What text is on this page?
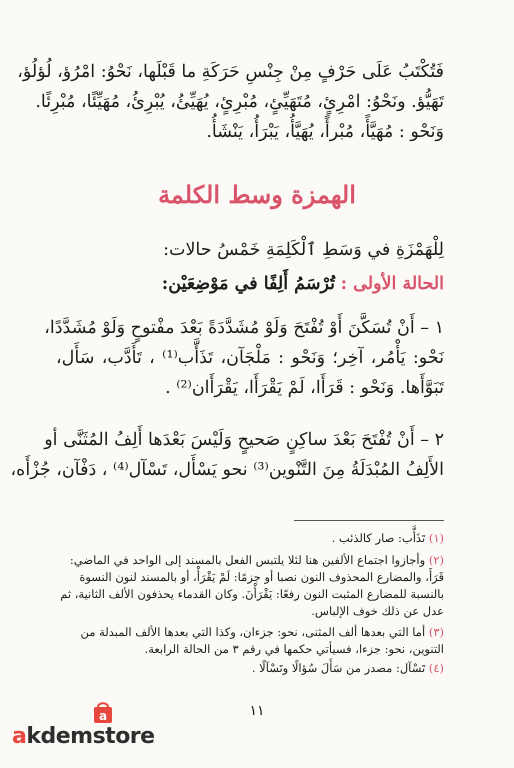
فَتُكْتَبُ عَلَى حَرْفٍ مِنْ جِنْسِ حَرَكَةِ ما قَبْلَها، نَحْوُ: امْرُؤ، لُؤلُؤ،
تَهَيُّؤ. ونَحْوُ: امْرِئٍ، مُتَهَيِّئٍ، مُبْرِئٍ، يُهَيِّئُ، يُبْرِئُ، مُهَيِّئًا، مُبْرِئًا.
وَنَحْو : مُهَيَّأً، مُبْرأً، يُهَيَّأُ، يَبْرَأُ، يَنْشَأُ.
الهمزة وسط الكلمة
لِلْهَمْزَةِ في وَسَطِ ٱلْكَلِمَةِ خَمْسُ حالات:
الحالة الأولى : تُرْسَمُ أَلِفًا في مَوْضِعَيْن:
١ – أَنْ تُسَكَّنَ أَوْ تُفْتَحَ وَلَوْ مُشَدَّدَةً بَعْدَ مفْتوحٍ وَلَوْ مُشَدَّدًا،
نَحْو: يَأْمُر، آخِر؛ وَنَحْو : مَلْجَآن، تَذَأَّب⁽¹⁾ ، تَأَدَّب، سَأَل،
تَبَوَّأَها. وَنَحْو : قَرَأَا، لَمْ يَقْرَأَا، يَقْرَأَان⁽²⁾ .
٢ – أَنْ تُفْتَحَ بَعْدَ ساكِنٍ صَحيحٍ وَلَيْسَ بَعْدَها أَلِفُ المُثَنَّى أو
الأَلِفُ المُبْدَلَةُ مِنَ التَّنْوين⁽³⁾ نحو يَسْأَل، تَسْآل⁽⁴⁾ ، دَفْآن، جُزْأَه،
(١) تَذَأَّب: صار كالذئب .
(٢) وأجازوا اجتماع الألفين هنا لئلا يلتبس الفعل بالمسند إلى الواحد في الماضي:
قَرَأَ، والمضارع المحذوف النون نصبا أو جزمًا: لَمْ يَقْرَأْ، أو بالمسند لنون النسوة
بالنسبة للمضارع المثبت النون رفعًا: يَقْرَأْنَ. وكان القدماء يحذفون الألف الثانية، ثم
عدل عن ذلك خوف الإلباس.
(٣) أما التي بعدها ألف المثنى، نحو: جزءان، وكذا التي بعدها الألف المبدلة من
التنوين، نحو: جزءا، فسيأتي حكمها في رقم ٣ من الحالة الرابعة.
(٤) تَسْآل: مصدر من سَأَلَ سُؤالًا وتَسْآلًا .
١١
a
akdemstore
